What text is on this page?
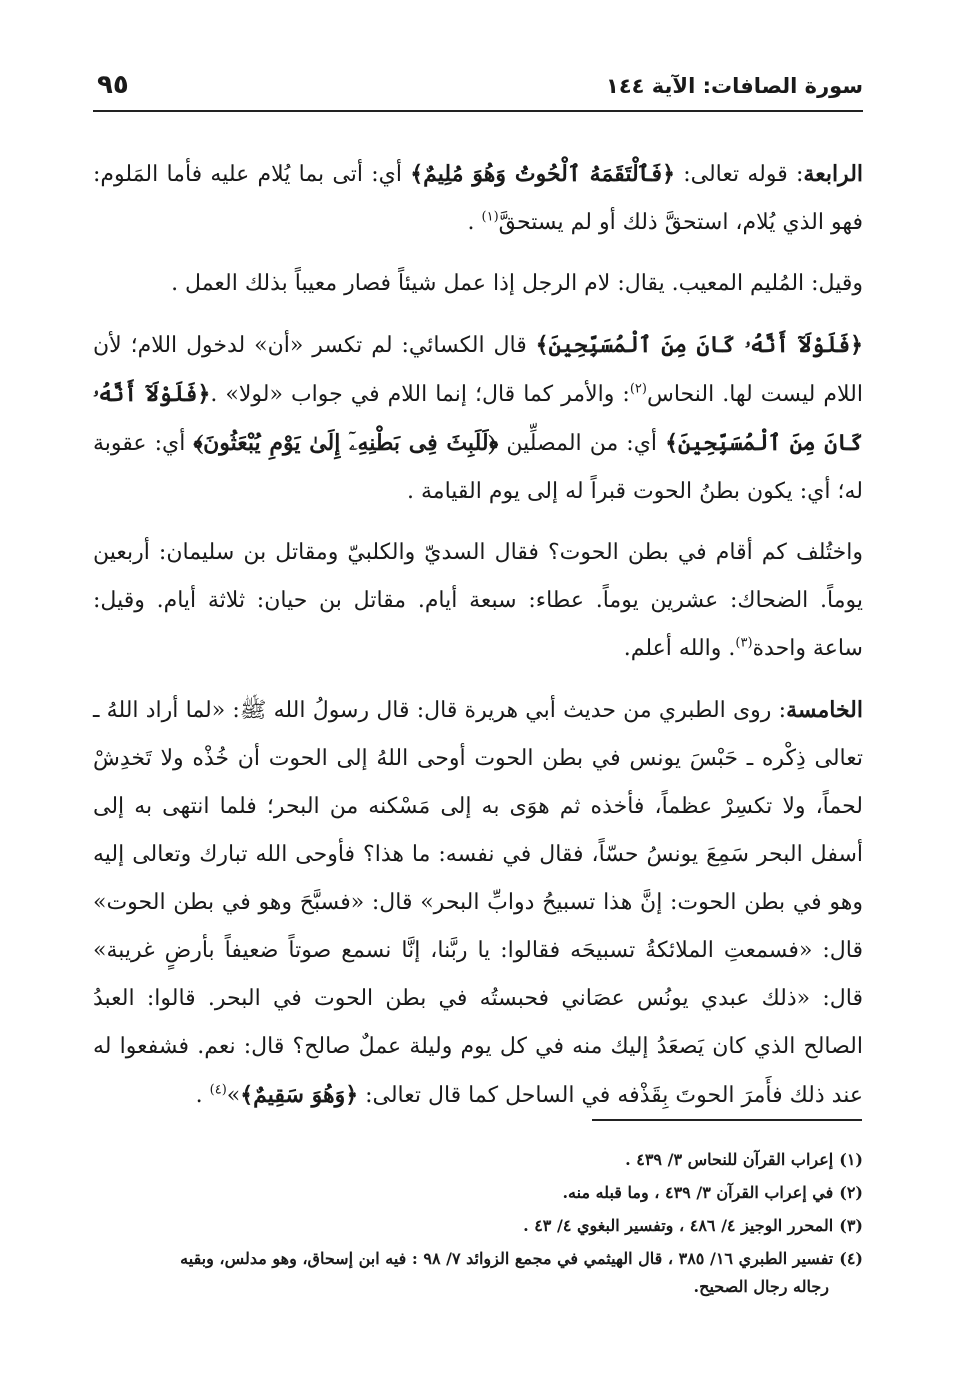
سورة الصافات: الآية ١٤٤
٩٥

الرابعة: قوله تعالى: ﴿فَٱلْتَقَمَهُ ٱلْحُوتُ وَهُوَ مُلِيمٌ﴾ أي: أتى بما يُلام عليه فأما المَلوم: فهو الذي يُلام، استحقَّ ذلك أو لم يستحقَّ$^{(١)}$ .

وقيل: المُليم المعيب. يقال: لام الرجل إذا عمل شيئاً فصار معيباً بذلك العمل .

﴿فَلَوْلَآ أَنَّهُۥ كَانَ مِنَ ٱلْمُسَبِّحِينَ﴾ قال الكسائي: لم تكسر «أن» لدخول اللام؛ لأن اللام ليست لها. النحاس$^{(٢)}$: والأمر كما قال؛ إنما اللام في جواب «لولا» .﴿فَلَوْلَآ أَنَّهُۥ كَانَ مِنَ ٱلْمُسَبِّحِينَ﴾ أي: من المصلِّين ﴿لَلَبِثَ فِى بَطْنِهِۦٓ إِلَىٰ يَوْمِ يُبْعَثُونَ﴾ أي: عقوبة له؛ أي: يكون بطنُ الحوت قبراً له إلى يوم القيامة .

واختُلف كم أقام في بطن الحوت؟ فقال السديّ والكلبيّ ومقاتل بن سليمان: أربعين يوماً. الضحاك: عشرين يوماً. عطاء: سبعة أيام. مقاتل بن حيان: ثلاثة أيام. وقيل: ساعة واحدة$^{(٣)}$. والله أعلم.

الخامسة: روى الطبري من حديث أبي هريرة قال: قال رسولُ الله ﷺ: «لما أراد اللهُ ـ تعالى ذِكْره ـ حَبْسَ يونس في بطن الحوت أوحى اللهُ إلى الحوت أن خُذْه ولا تَخدِشْ لحماً، ولا تكسِرْ عظماً، فأخذه ثم هوَى به إلى مَسْكنه من البحر؛ فلما انتهى به إلى أسفل البحر سَمِعَ يونسُ حسّاً، فقال في نفسه: ما هذا؟ فأوحى الله تبارك وتعالى إليه وهو في بطن الحوت: إنَّ هذا تسبيحُ دوابِّ البحر» قال: «فسبَّحَ وهو في بطن الحوت» قال: «فسمعتِ الملائكةُ تسبيحَه فقالوا: يا ربَّنا، إنَّا نسمع صوتاً ضعيفاً بأرضٍ غريبة» قال: «ذلك عبدي يونُس عصَاني فحبستُه في بطن الحوت في البحر. قالوا: العبدُ الصالح الذي كان يَصعَدُ إليك منه في كل يوم وليلة عملٌ صالح؟ قال: نعم. فشفعوا له عند ذلك فأَمرَ الحوتَ بِقَذْفه في الساحل كما قال تعالى: ﴿وَهُوَ سَقِيمٌ﴾»$^{(٤)}$ .

(١)إعراب القرآن للنحاس ٣/ ٤٣٩ .
(٢)في إعراب القرآن ٣/ ٤٣٩ ، وما قبله منه.
(٣)المحرر الوجيز ٤/ ٤٨٦ ، وتفسير البغوي ٤/ ٤٣ .
(٤)تفسير الطبري ١٦/ ٣٨٥ ، قال الهيثمي في مجمع الزوائد ٧/ ٩٨ : فيه ابن إسحاق، وهو مدلس، وبقيه
رجاله رجال الصحيح.
